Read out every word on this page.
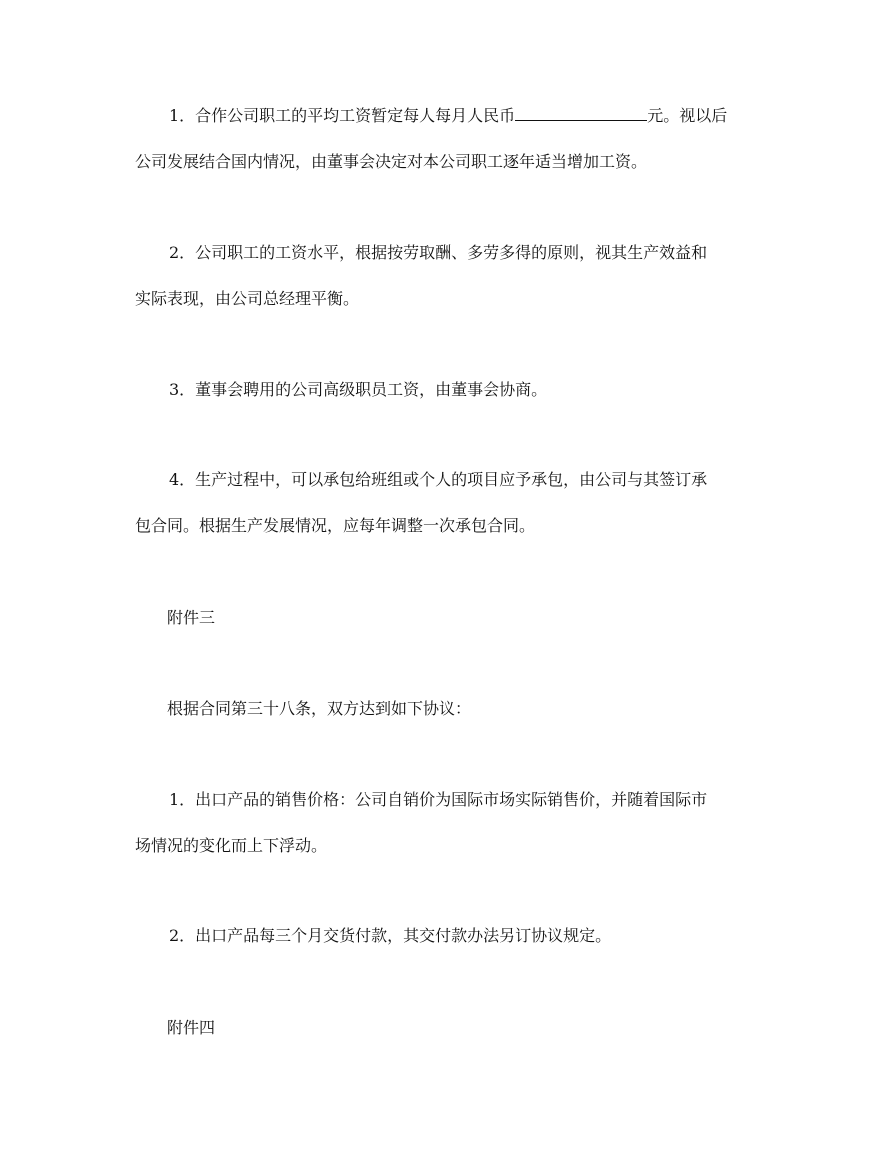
1．合作公司职工的平均工资暂定每人每月人民币	元。视以后
公司发展结合国内情况，由董事会决定对本公司职工逐年适当增加工资。
2．公司职工的工资水平，根据按劳取酬、多劳多得的原则，视其生产效益和
实际表现，由公司总经理平衡。
3．董事会聘用的公司高级职员工资，由董事会协商。
4．生产过程中，可以承包给班组或个人的项目应予承包，由公司与其签订承
包合同。根据生产发展情况，应每年调整一次承包合同。
附件三
根据合同第三十八条，双方达到如下协议：
1．出口产品的销售价格：公司自销价为国际市场实际销售价，并随着国际市
场情况的变化而上下浮动。
2．出口产品每三个月交货付款，其交付款办法另订协议规定。
附件四
